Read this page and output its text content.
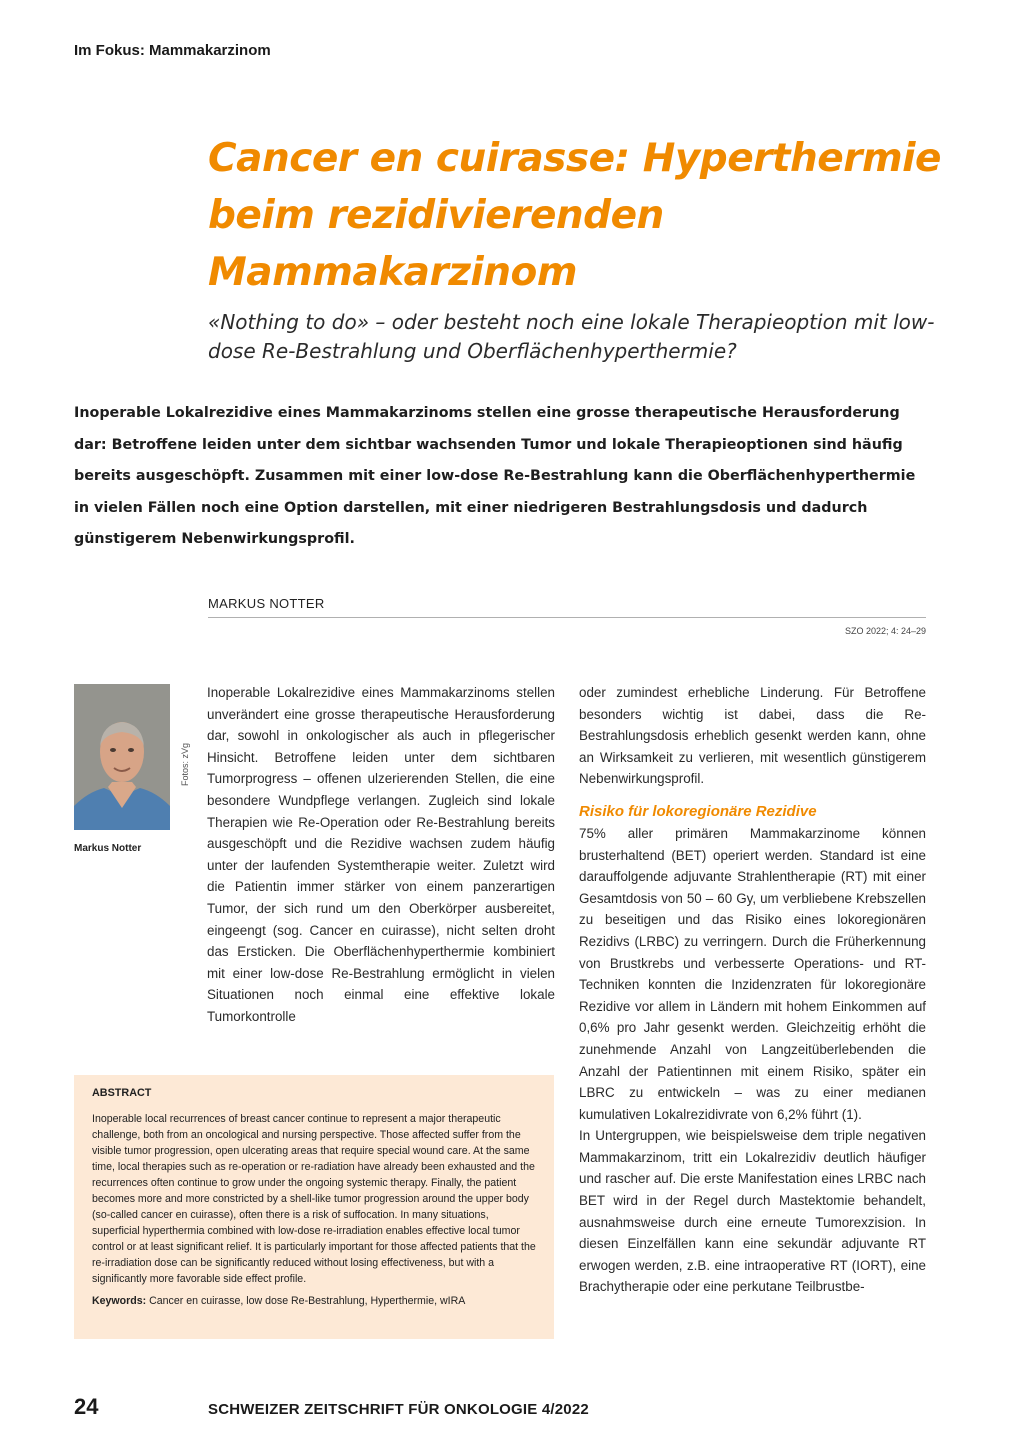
Im Fokus: Mammakarzinom
Cancer en cuirasse: Hyperthermie beim rezidivierenden Mammakarzinom

«Nothing to do» – oder besteht noch eine lokale Therapieoption mit low-dose Re-Bestrahlung und Oberflächenhyperthermie?

Inoperable Lokalrezidive eines Mammakarzinoms stellen eine grosse therapeutische Herausforderung dar: Betroffene leiden unter dem sichtbar wachsenden Tumor und lokale Therapieoptionen sind häufig bereits ausgeschöpft. Zusammen mit einer low-dose Re-Bestrahlung kann die Oberflächenhyperthermie in vielen Fällen noch eine Option darstellen, mit einer niedrigeren Bestrahlungsdosis und dadurch günstigerem Nebenwirkungsprofil.

MARKUS NOTTER
SZO 2022; 4: 24–29
Fotos: zVg
Markus Notter

Inoperable Lokalrezidive eines Mammakarzinoms stellen unverändert eine grosse therapeutische Herausforderung dar, sowohl in onkologischer als auch in pflegerischer Hinsicht. Betroffene leiden unter dem sichtbaren Tumorprogress – offenen ulzerierenden Stellen, die eine besondere Wundpflege verlangen. Zugleich sind lokale Therapien wie Re-Operation oder Re-Bestrahlung bereits ausgeschöpft und die Rezidive wachsen zudem häufig unter der laufenden Systemtherapie weiter. Zuletzt wird die Patientin immer stärker von einem panzerartigen Tumor, der sich rund um den Oberkörper ausbereitet, eingeengt (sog. Cancer en cuirasse), nicht selten droht das Ersticken. Die Oberflächenhyperthermie kombiniert mit einer low-dose Re-Bestrahlung ermöglicht in vielen Situationen noch einmal eine effektive lokale Tumorkontrolle

oder zumindest erhebliche Linderung. Für Betroffene besonders wichtig ist dabei, dass die Re-Bestrahlungsdosis erheblich gesenkt werden kann, ohne an Wirksamkeit zu verlieren, mit wesentlich günstigerem Nebenwirkungsprofil.

Risiko für lokoregionäre Rezidive

75% aller primären Mammakarzinome können brusterhaltend (BET) operiert werden. Standard ist eine darauffolgende adjuvante Strahlentherapie (RT) mit einer Gesamtdosis von 50 – 60 Gy, um verbliebene Krebszellen zu beseitigen und das Risiko eines lokoregionären Rezidivs (LRBC) zu verringern. Durch die Früherkennung von Brustkrebs und verbesserte Operations- und RT-Techniken konnten die Inzidenzraten für lokoregionäre Rezidive vor allem in Ländern mit hohem Einkommen auf 0,6% pro Jahr gesenkt werden. Gleichzeitig erhöht die zunehmende Anzahl von Langzeitüberlebenden die Anzahl der Patientinnen mit einem Risiko, später ein LBRC zu entwickeln – was zu einer medianen kumulativen Lokalrezidivrate von 6,2% führt (1).

In Untergruppen, wie beispielsweise dem triple negativen Mammakarzinom, tritt ein Lokalrezidiv deutlich häufiger und rascher auf. Die erste Manifestation eines LRBC nach BET wird in der Regel durch Mastektomie behandelt, ausnahmsweise durch eine erneute Tumorexzision. In diesen Einzelfällen kann eine sekundär adjuvante RT erwogen werden, z.B. eine intraoperative RT (IORT), eine Brachytherapie oder eine perkutane Teilbrustbe-

ABSTRACT

Inoperable local recurrences of breast cancer continue to represent a major therapeutic challenge, both from an oncological and nursing perspective. Those affected suffer from the visible tumor progression, open ulcerating areas that require special wound care. At the same time, local therapies such as re-operation or re-radiation have already been exhausted and the recurrences often continue to grow under the ongoing systemic therapy. Finally, the patient becomes more and more constricted by a shell-like tumor progression around the upper body (so-called cancer en cuirasse), often there is a risk of suffocation. In many situations, superficial hyperthermia combined with low-dose re-irradiation enables effective local tumor control or at least significant relief. It is particularly important for those affected patients that the re-irradiation dose can be significantly reduced without losing effectiveness, but with a significantly more favorable side effect profile.

Keywords: Cancer en cuirasse, low dose Re-Bestrahlung, Hyperthermie, wIRA

24	SCHWEIZER ZEITSCHRIFT FÜR ONKOLOGIE 4/2022
